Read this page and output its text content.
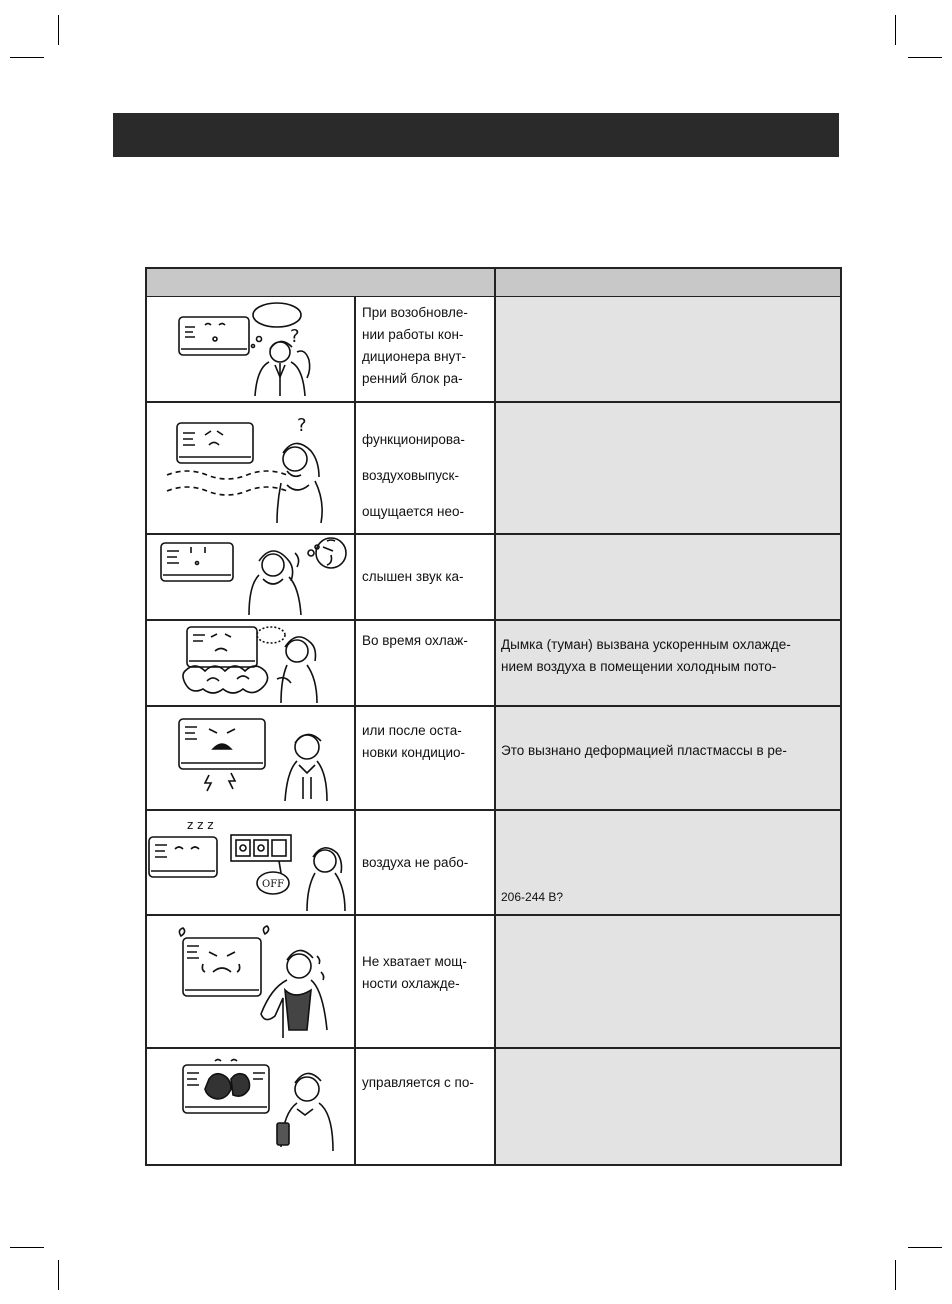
?
При возобновле-
нии работы кон-
диционера внут-
ренний блок ра-
?
функционирова-
воздуховыпуск-
ощущается нео-
слышен звук ка-
Во время охлаж-	Дымка (туман) вызвана ускоренным охлажде-
нием воздуха в помещении холодным пото-
или после оста-
новки кондицио-	Это вызнано деформацией пластмассы в ре-
z z z
OFF
воздуха не рабо-
206-244 В?
Не хватает мощ-
ности охлажде-
управляется с по-
